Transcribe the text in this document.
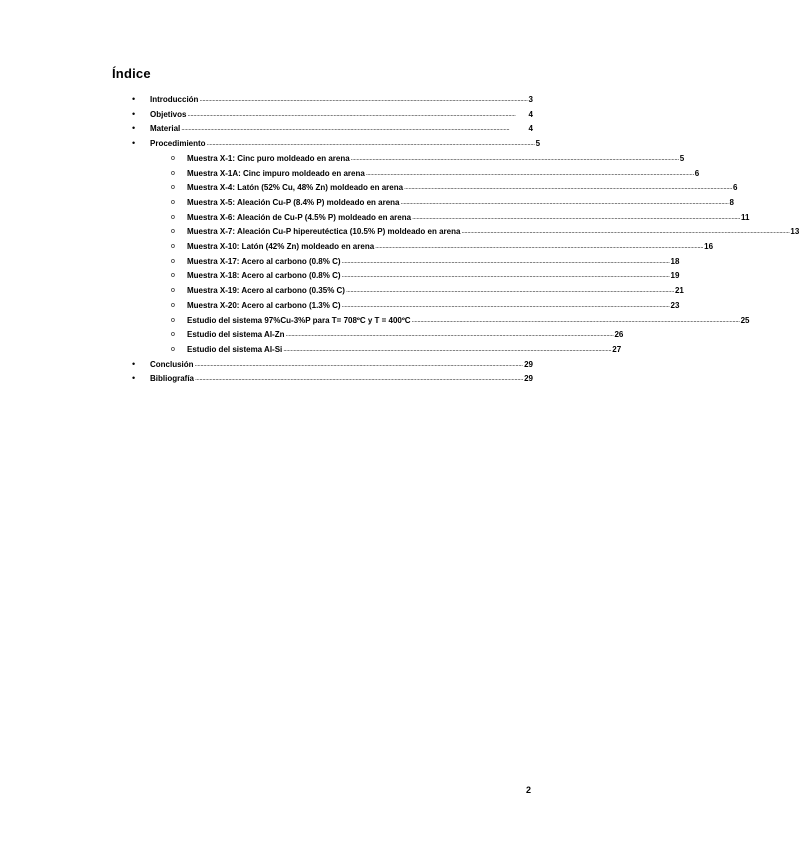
Índice
• Introducción ................................................................................................................................................................................................................................... 3
• Objetivos ...................................................................................................................................................................................................................................	4
• Material ...................................................................................................................................................................................................................................	4
• Procedimiento ................................................................................................................................................................................................................................... 5
o Muestra X-1: Cinc puro moldeado en arena ................................................................................................................................................................................................................................... 5
o Muestra X-1A: Cinc impuro moldeado en arena ................................................................................................................................................................................................................................... 6
o Muestra X-4: Latón (52% Cu, 48% Zn) moldeado en arena ................................................................................................................................................................................................................................... 6
o Muestra X-5: Aleación Cu-P (8.4% P) moldeado en arena ................................................................................................................................................................................................................................... 8
o Muestra X-6: Aleación de Cu-P (4.5% P) moldeado en arena ................................................................................................................................................................................................................................... 11
o Muestra X-7: Aleación Cu-P hipereutéctica (10.5% P) moldeado en arena ................................................................................................................................................................................................................................... 13
o Muestra X-10: Latón (42% Zn) moldeado en arena ................................................................................................................................................................................................................................... 16
o Muestra X-17: Acero al carbono (0.8% C) ................................................................................................................................................................................................................................... 18
o Muestra X-18: Acero al carbono (0.8% C) ................................................................................................................................................................................................................................... 19
o Muestra X-19: Acero al carbono (0.35% C) ................................................................................................................................................................................................................................... 21
o Muestra X-20: Acero al carbono (1.3% C) ................................................................................................................................................................................................................................... 23
o Estudio del sistema 97%Cu-3%P para T= 708ºC y T = 400ºC ................................................................................................................................................................................................................................... 25
o Estudio del sistema Al-Zn ................................................................................................................................................................................................................................... 26
o Estudio del sistema Al-Si ................................................................................................................................................................................................................................... 27
• Conclusión ................................................................................................................................................................................................................................... 29
• Bibliografía ................................................................................................................................................................................................................................... 29
2
